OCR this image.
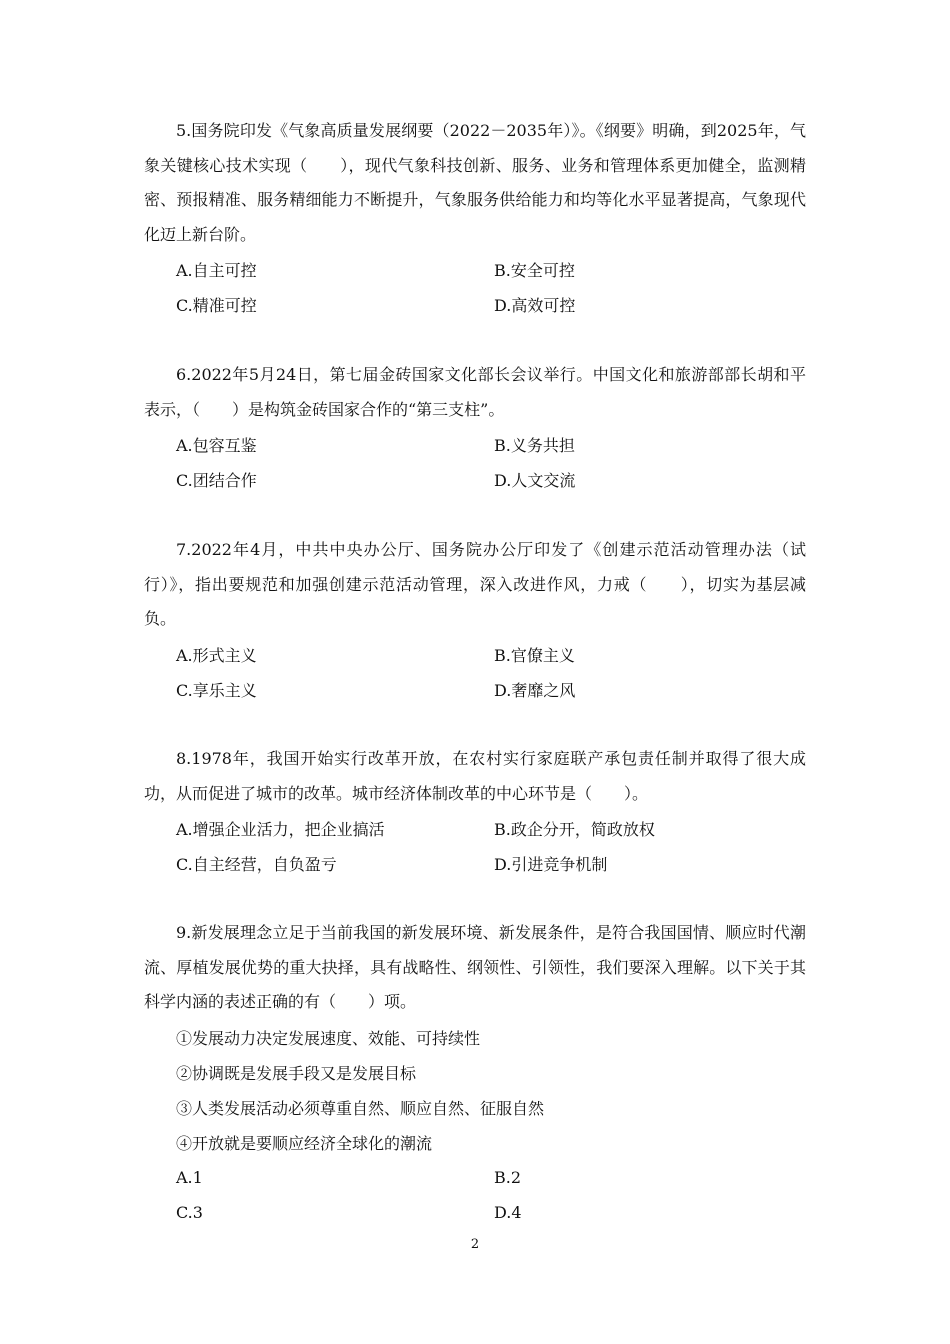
5.国务院印发《气象高质量发展纲要（2022－2035年）》。《纲要》明确，到2025年，气象关键核心技术实现（　　），现代气象科技创新、服务、业务和管理体系更加健全，监测精密、预报精准、服务精细能力不断提升，气象服务供给能力和均等化水平显著提高，气象现代化迈上新台阶。

A.自主可控	B.安全可控
C.精准可控	D.高效可控

6.2022年5月24日，第七届金砖国家文化部长会议举行。中国文化和旅游部部长胡和平表示，（　　）是构筑金砖国家合作的“第三支柱”。

A.包容互鉴	B.义务共担
C.团结合作	D.人文交流

7.2022年4月，中共中央办公厅、国务院办公厅印发了《创建示范活动管理办法（试行）》，指出要规范和加强创建示范活动管理，深入改进作风，力戒（　　），切实为基层减负。

A.形式主义	B.官僚主义
C.享乐主义	D.奢靡之风

8.1978年，我国开始实行改革开放，在农村实行家庭联产承包责任制并取得了很大成功，从而促进了城市的改革。城市经济体制改革的中心环节是（　　）。

A.增强企业活力，把企业搞活	B.政企分开，简政放权
C.自主经营，自负盈亏	D.引进竞争机制

9.新发展理念立足于当前我国的新发展环境、新发展条件，是符合我国国情、顺应时代潮流、厚植发展优势的重大抉择，具有战略性、纲领性、引领性，我们要深入理解。以下关于其科学内涵的表述正确的有（　　）项。

①发展动力决定发展速度、效能、可持续性
②协调既是发展手段又是发展目标
③人类发展活动必须尊重自然、顺应自然、征服自然
④开放就是要顺应经济全球化的潮流
A.1	B.2
C.3	D.4
2
